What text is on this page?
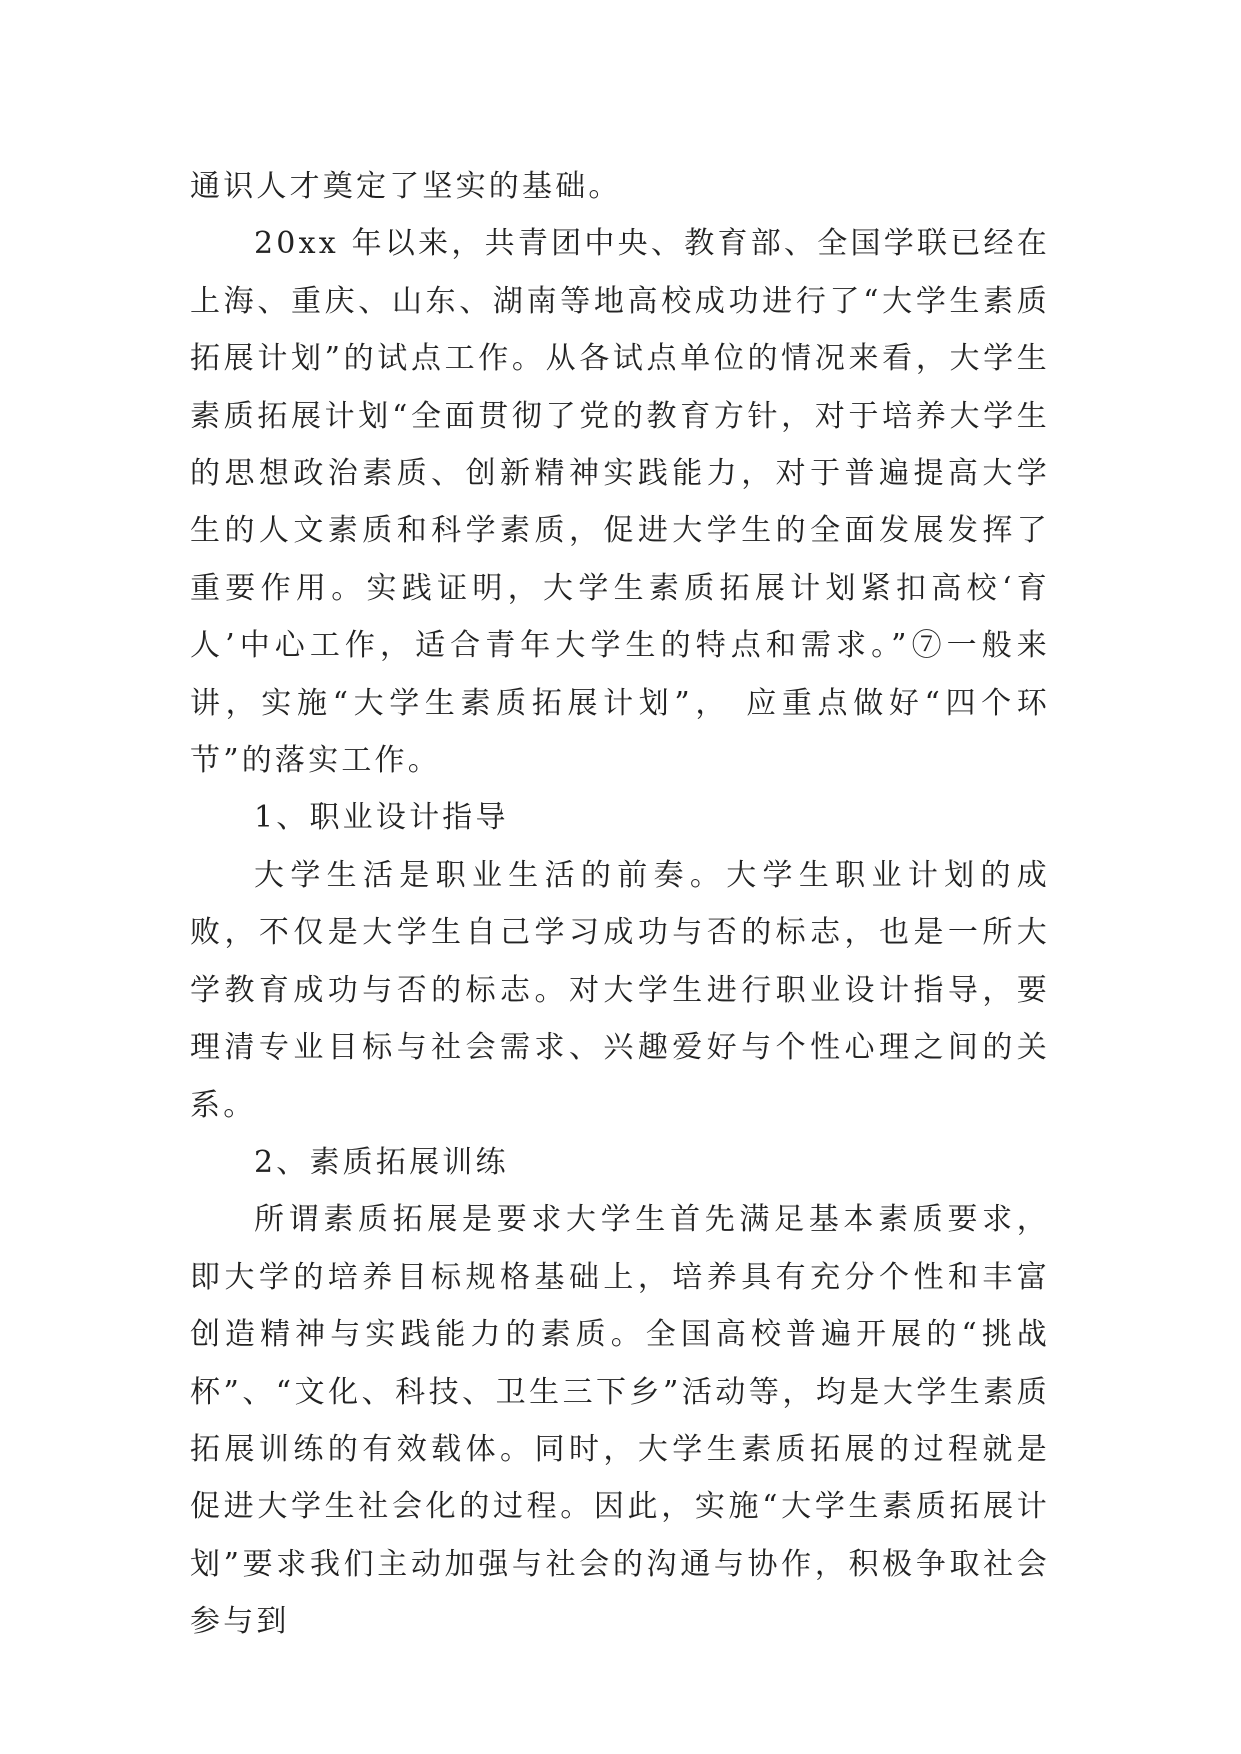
通识人才奠定了坚实的基础。

20xx 年以来，共青团中央、教育部、全国学联已经在上海、重庆、山东、湖南等地高校成功进行了“大学生素质拓展计划”的试点工作。从各试点单位的情况来看，大学生素质拓展计划“全面贯彻了党的教育方针，对于培养大学生的思想政治素质、创新精神实践能力，对于普遍提高大学生的人文素质和科学素质，促进大学生的全面发展发挥了重要作用。实践证明，大学生素质拓展计划紧扣高校‘育人’中心工作，适合青年大学生的特点和需求。”⑦一般来讲，实施“大学生素质拓展计划”， 应重点做好“四个环节”的落实工作。

1、职业设计指导

大学生活是职业生活的前奏。大学生职业计划的成败，不仅是大学生自己学习成功与否的标志，也是一所大学教育成功与否的标志。对大学生进行职业设计指导，要理清专业目标与社会需求、兴趣爱好与个性心理之间的关系。

2、素质拓展训练

所谓素质拓展是要求大学生首先满足基本素质要求，即大学的培养目标规格基础上，培养具有充分个性和丰富创造精神与实践能力的素质。全国高校普遍开展的“挑战杯”、“文化、科技、卫生三下乡”活动等，均是大学生素质拓展训练的有效载体。同时，大学生素质拓展的过程就是促进大学生社会化的过程。因此，实施“大学生素质拓展计划”要求我们主动加强与社会的沟通与协作，积极争取社会参与到
